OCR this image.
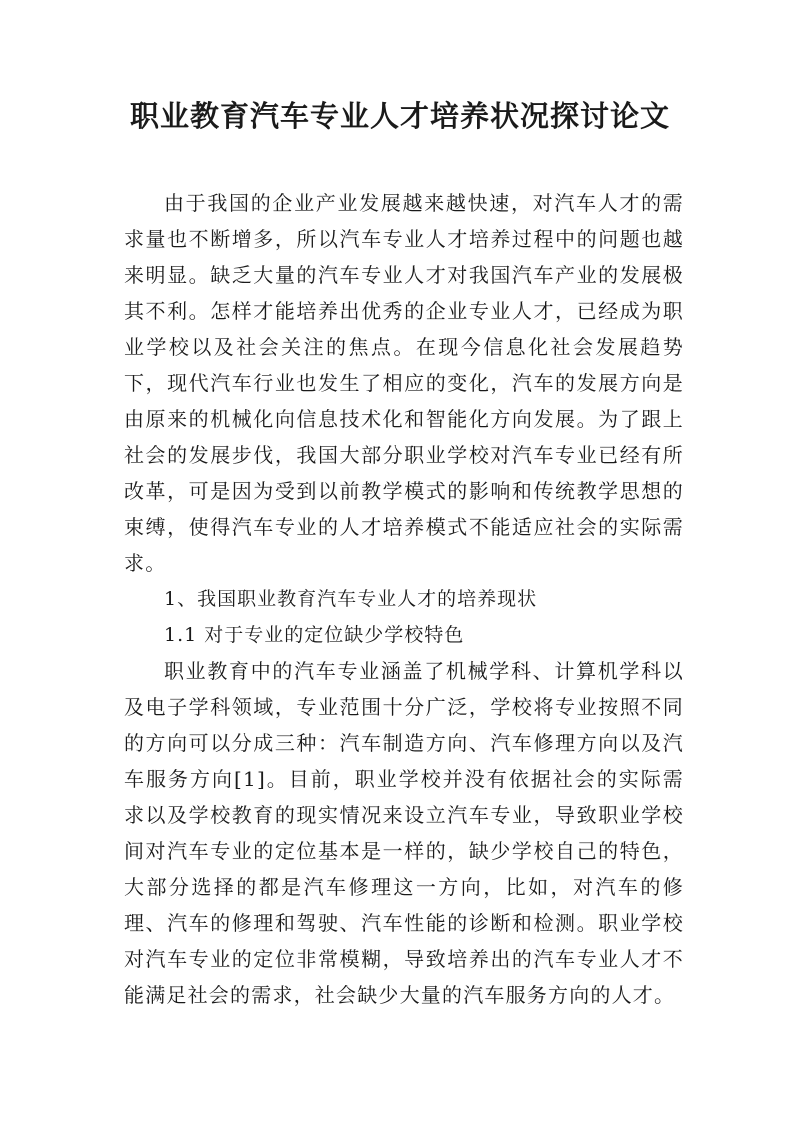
职业教育汽车专业人才培养状况探讨论文

由于我国的企业产业发展越来越快速，对汽车人才的需求量也不断增多，所以汽车专业人才培养过程中的问题也越来明显。缺乏大量的汽车专业人才对我国汽车产业的发展极其不利。怎样才能培养出优秀的企业专业人才，已经成为职业学校以及社会关注的焦点。在现今信息化社会发展趋势下，现代汽车行业也发生了相应的变化，汽车的发展方向是由原来的机械化向信息技术化和智能化方向发展。为了跟上社会的发展步伐，我国大部分职业学校对汽车专业已经有所改革，可是因为受到以前教学模式的影响和传统教学思想的束缚，使得汽车专业的人才培养模式不能适应社会的实际需求。

1、我国职业教育汽车专业人才的培养现状

1.1 对于专业的定位缺少学校特色

职业教育中的汽车专业涵盖了机械学科、计算机学科以及电子学科领域，专业范围十分广泛，学校将专业按照不同的方向可以分成三种：汽车制造方向、汽车修理方向以及汽车服务方向[1]。目前，职业学校并没有依据社会的实际需求以及学校教育的现实情况来设立汽车专业，导致职业学校间对汽车专业的定位基本是一样的，缺少学校自己的特色，大部分选择的都是汽车修理这一方向，比如，对汽车的修理、汽车的修理和驾驶、汽车性能的诊断和检测。职业学校对汽车专业的定位非常模糊，导致培养出的汽车专业人才不能满足社会的需求，社会缺少大量的汽车服务方向的人才。
